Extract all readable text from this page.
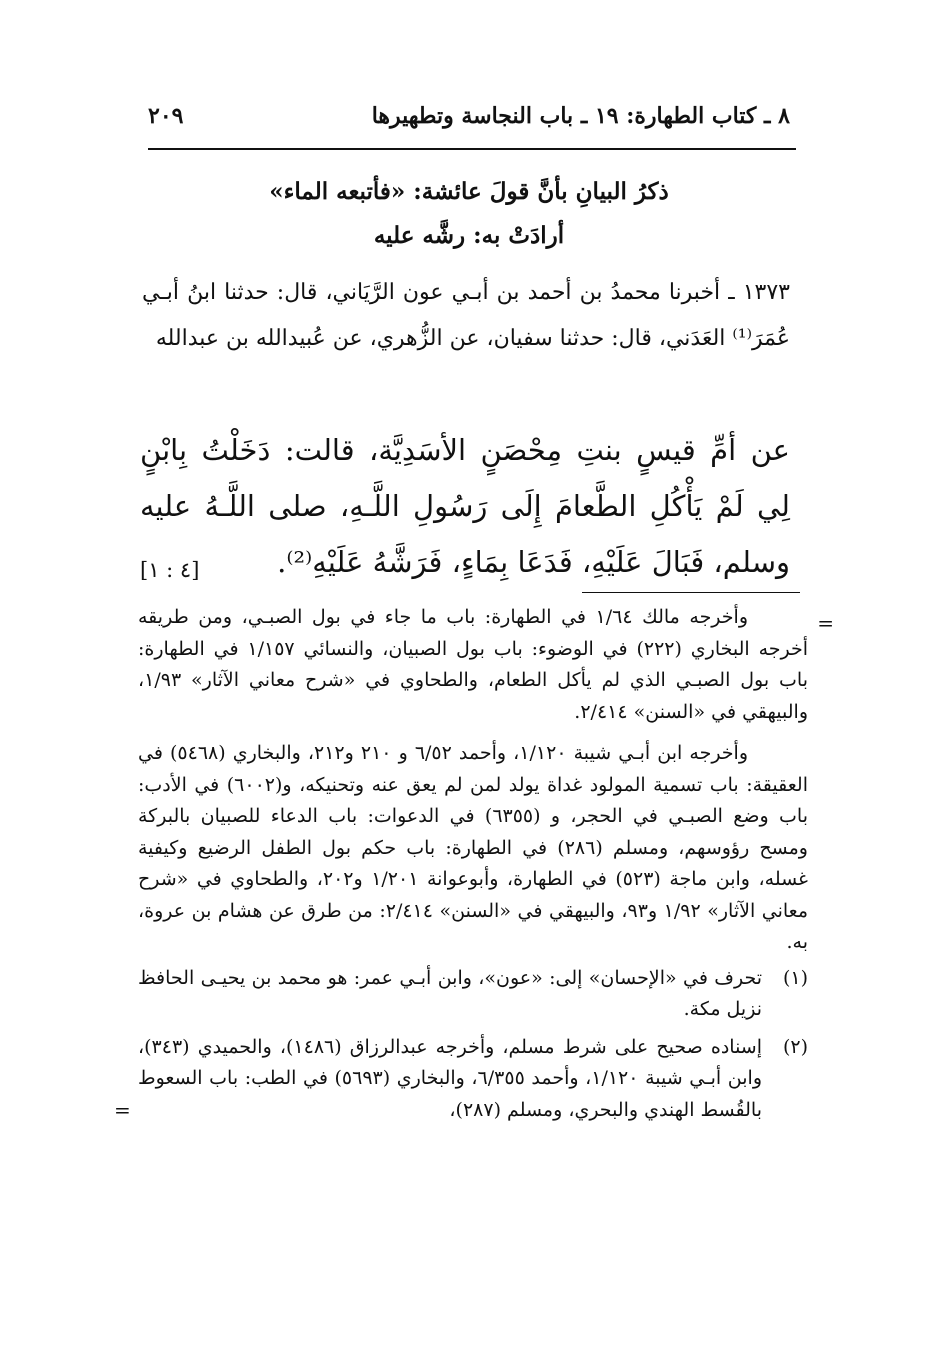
٨ ـ كتاب الطهارة: ١٩ ـ باب النجاسة وتطهيرها
٢٠٩
ذكرُ البيانِ بأنَّ قولَ عائشة: «فأتبعه الماء»
أرادَتْ به: رشَّه عليه
١٣٧٣ ـ أخبرنا محمدُ بن أحمد بن أبـي عون الرَّيَاني، قال: حدثنا ابنُ أبـي عُمَرَ⁽¹⁾ العَدَني، قال: حدثنا سفيان، عن الزُّهري، عن عُبيدالله بن عبدالله
عن أمِّ قيسٍ بنتِ مِحْصَنٍ الأسَدِيَّة، قالت: دَخَلْتُ بِابْنٍ لِي لَمْ يَأْكُلِ الطَّعامَ إِلَى رَسُولِ اللَّـهِ، صلى اللَّـهُ عليه وسلم، فَبَالَ عَلَيْهِ، فَدَعَا بِمَاءٍ، فَرَشَّهُ عَلَيْهِ⁽²⁾.
[٤ : ١]
=

وأخرجه مالك ١/٦٤ في الطهارة: باب ما جاء في بول الصبـي، ومن طريقه أخرجه البخاري (٢٢٢) في الوضوء: باب بول الصبيان، والنسائي ١/١٥٧ في الطهارة: باب بول الصبـي الذي لم يأكل الطعام، والطحاوي في «شرح معاني الآثار» ١/٩٣، والبيهقي في «السنن» ٢/٤١٤.

وأخرجه ابن أبـي شيبة ١/١٢٠، وأحمد ٦/٥٢ و ٢١٠ و٢١٢، والبخاري (٥٤٦٨) في العقيقة: باب تسمية المولود غداة يولد لمن لم يعق عنه وتحنيكه، و(٦٠٠٢) في الأدب: باب وضع الصبـي في الحجر، و (٦٣٥٥) في الدعوات: باب الدعاء للصبيان بالبركة ومسح رؤوسهم، ومسلم (٢٨٦) في الطهارة: باب حكم بول الطفل الرضيع وكيفية غسله، وابن ماجة (٥٢٣) في الطهارة، وأبوعوانة ١/٢٠١ و٢٠٢، والطحاوي في «شرح معاني الآثار» ١/٩٢ و٩٣، والبيهقي في «السنن» ٢/٤١٤: من طرق عن هشام بن عروة، به.

(١)
تحرف في «الإحسان» إلى: «عون»، وابن أبـي عمر: هو محمد بن يحيـى الحافظ نزيل مكة.

(٢)
إسناده صحيح على شرط مسلم، وأخرجه عبدالرزاق (١٤٨٦)، والحميدي (٣٤٣)، وابن أبـي شيبة ١/١٢٠، وأحمد ٦/٣٥٥، والبخاري (٥٦٩٣) في الطب: باب السعوط بالقُسط الهندي والبحري، ومسلم (٢٨٧)،
=
